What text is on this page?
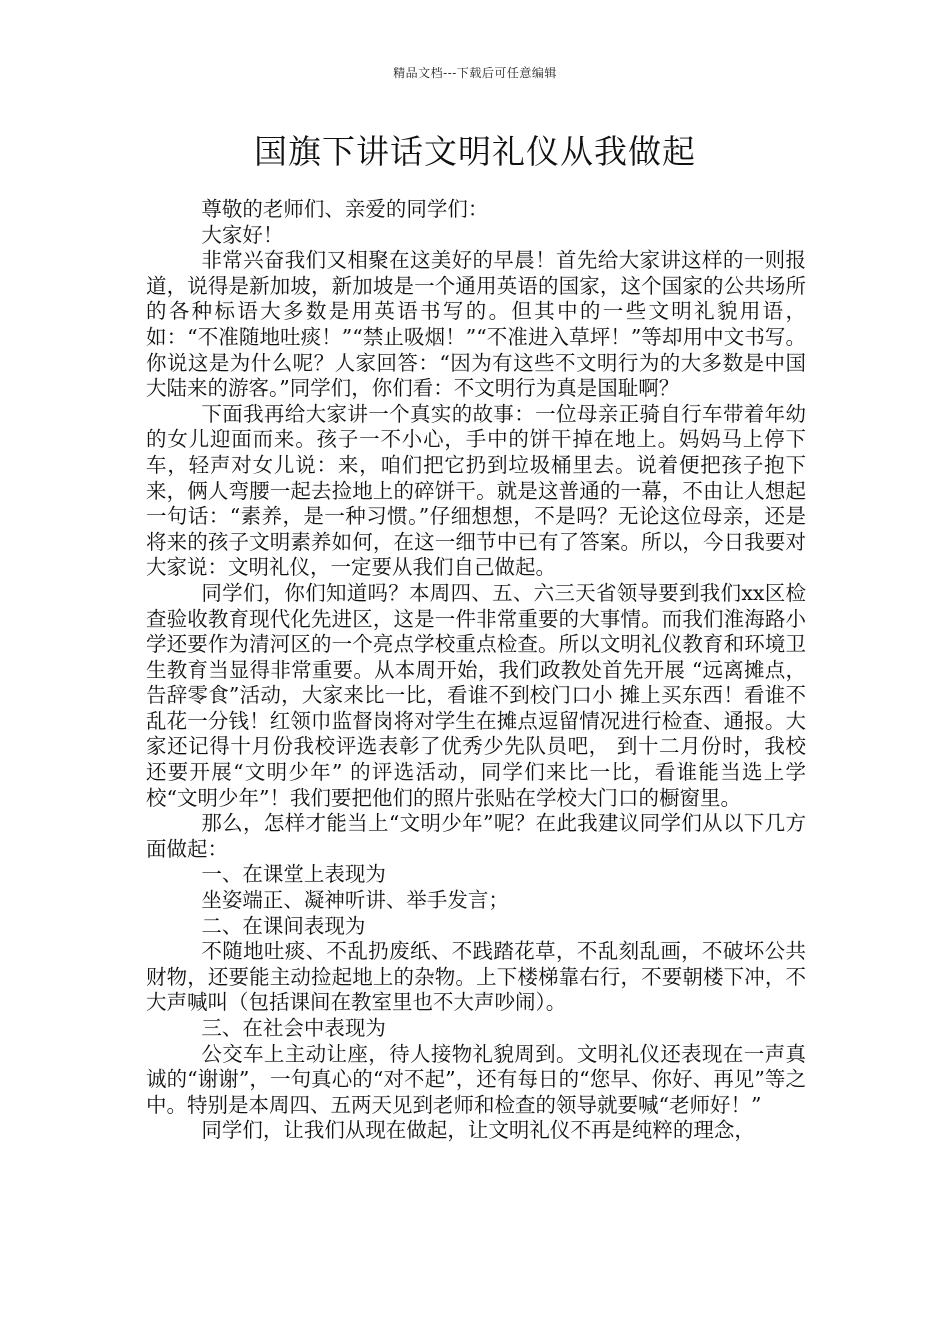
精品文档---下载后可任意编辑
国旗下讲话文明礼仪从我做起

尊敬的老师们、亲爱的同学们：

大家好！

非常兴奋我们又相聚在这美好的早晨！首先给大家讲这样的一则报道，说得是新加坡，新加坡是一个通用英语的国家，这个国家的公共场所的各种标语大多数是用英语书写的。但其中的一些文明礼貌用语，如：“不准随地吐痰！”“禁止吸烟！”“不准进入草坪！”等却用中文书写。你说这是为什么呢？人家回答：“因为有这些不文明行为的大多数是中国大陆来的游客。”同学们，你们看：不文明行为真是国耻啊？

下面我再给大家讲一个真实的故事：一位母亲正骑自行车带着年幼的女儿迎面而来。孩子一不小心，手中的饼干掉在地上。妈妈马上停下车，轻声对女儿说：来，咱们把它扔到垃圾桶里去。说着便把孩子抱下来，俩人弯腰一起去捡地上的碎饼干。就是这普通的一幕，不由让人想起一句话：“素养，是一种习惯。”仔细想想，不是吗？无论这位母亲，还是将来的孩子文明素养如何，在这一细节中已有了答案。所以，今日我要对大家说：文明礼仪，一定要从我们自己做起。

同学们，你们知道吗？本周四、五、六三天省领导要到我们xx区检查验收教育现代化先进区，这是一件非常重要的大事情。而我们淮海路小学还要作为清河区的一个亮点学校重点检查。所以文明礼仪教育和环境卫生教育当显得非常重要。从本周开始，我们政教处首先开展 “远离摊点，告辞零食”活动，大家来比一比，看谁不到校门口小 摊上买东西！看谁不乱花一分钱！红领巾监督岗将对学生在摊点逗留情况进行检查、通报。大家还记得十月份我校评选表彰了优秀少先队员吧， 到十二月份时，我校还要开展“文明少年” 的评选活动，同学们来比一比，看谁能当选上学校“文明少年”！我们要把他们的照片张贴在学校大门口的橱窗里。

那么，怎样才能当上“文明少年”呢？在此我建议同学们从以下几方面做起：

一、在课堂上表现为

坐姿端正、凝神听讲、举手发言；

二、在课间表现为

不随地吐痰、不乱扔废纸、不践踏花草，不乱刻乱画，不破坏公共财物，还要能主动捡起地上的杂物。上下楼梯靠右行，不要朝楼下冲，不大声喊叫（包括课间在教室里也不大声吵闹）。

三、在社会中表现为

公交车上主动让座，待人接物礼貌周到。文明礼仪还表现在一声真诚的“谢谢”，一句真心的“对不起”，还有每日的“您早、你好、再见”等之中。特别是本周四、五两天见到老师和检查的领导就要喊“老师好！”

同学们，让我们从现在做起，让文明礼仪不再是纯粹的理念，
